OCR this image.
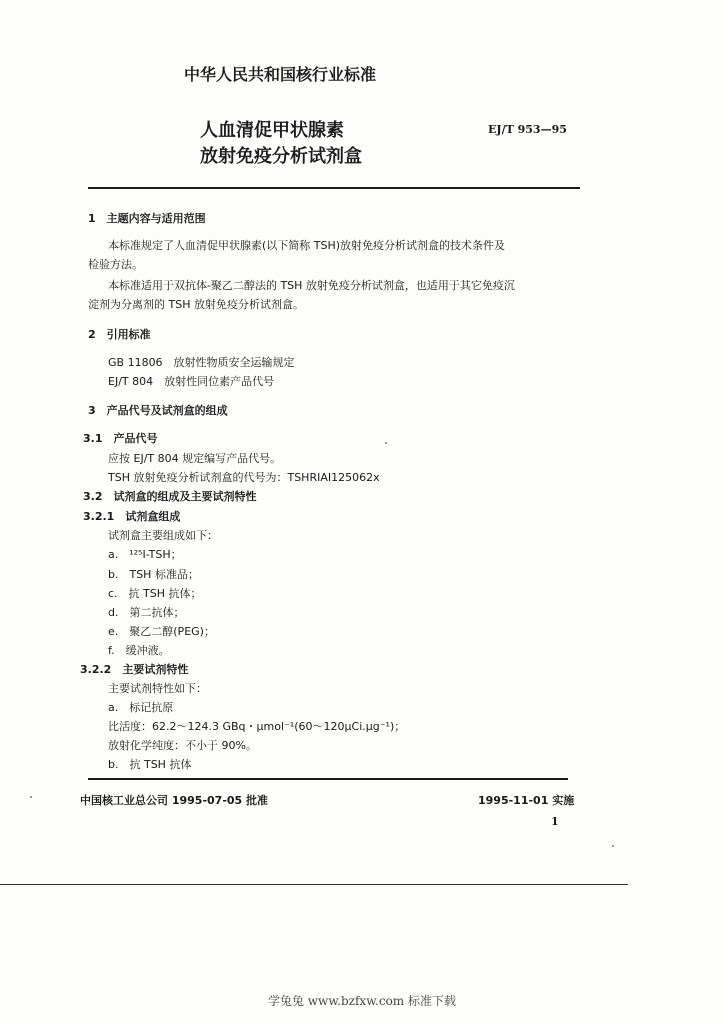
中华人民共和国核行业标准
人血清促甲状腺素
放射免疫分析试剂盒
EJ/T 953—95
1　主题内容与适用范围
本标准规定了人血清促甲状腺素(以下简称 TSH)放射免疫分析试剂盒的技术条件及
检验方法。
本标准适用于双抗体-聚乙二醇法的 TSH 放射免疫分析试剂盒，也适用于其它免疫沉
淀剂为分离剂的 TSH 放射免疫分析试剂盒。
2　引用标准
GB 11806　放射性物质安全运输规定
EJ/T 804　放射性同位素产品代号
3　产品代号及试剂盒的组成
3.1　产品代号
应按 EJ/T 804 规定编写产品代号。
TSH 放射免疫分析试剂盒的代号为：TSHRIAI125062x
3.2　试剂盒的组成及主要试剂特性
3.2.1　试剂盒组成
试剂盒主要组成如下：
a.　¹²⁵I-TSH；
b.　TSH 标准品；
c.　抗 TSH 抗体；
d.　第二抗体；
e.　聚乙二醇(PEG)；
f.　缓冲液。
3.2.2　主要试剂特性
主要试剂特性如下：
a.　标记抗原
比活度：62.2～124.3 GBq・μmol⁻¹(60～120μCi.μg⁻¹)；
放射化学纯度：不小于 90%。
b.　抗 TSH 抗体
中国核工业总公司 1995-07-05 批准	1995-11-01 实施
1
学兔兔 www.bzfxw.com 标准下载
